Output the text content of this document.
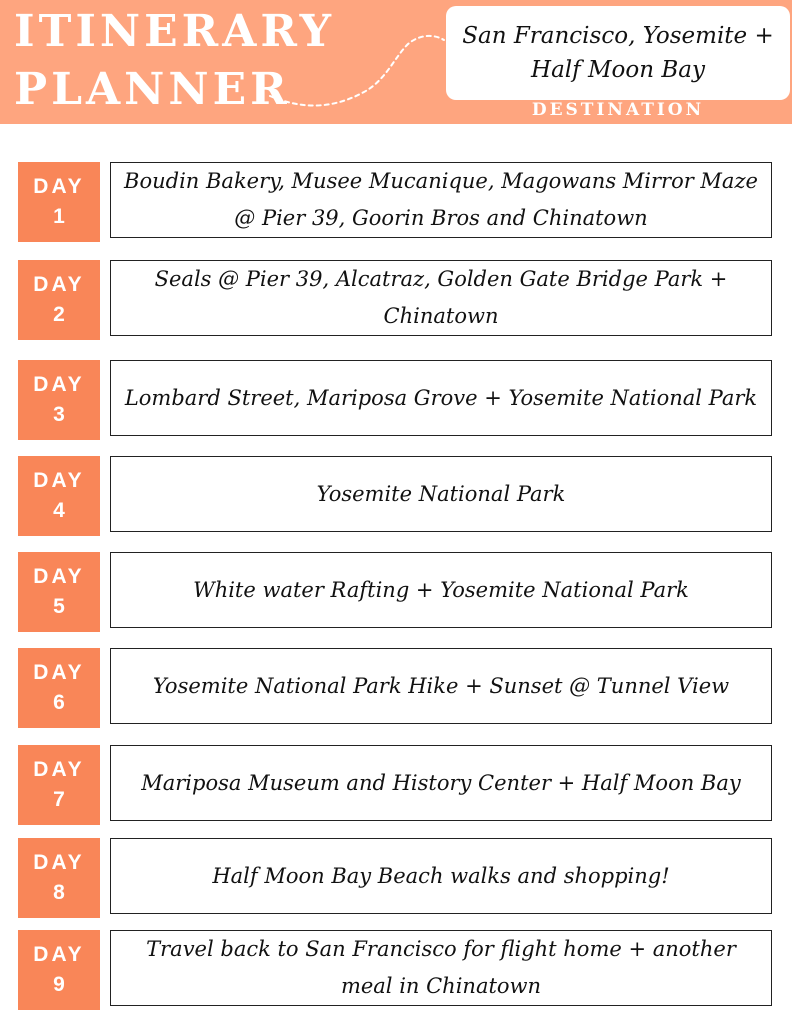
ITINERARY
PLANNER
San Francisco, Yosemite + Half Moon Bay
DESTINATION
DAY
1
Boudin Bakery, Musee Mucanique, Magowans Mirror Maze @ Pier 39, Goorin Bros and Chinatown
DAY
2
Seals @ Pier 39, Alcatraz, Golden Gate Bridge Park + Chinatown
DAY
3
Lombard Street, Mariposa Grove + Yosemite National Park
DAY
4
Yosemite National Park
DAY
5
White water Rafting + Yosemite National Park
DAY
6
Yosemite National Park Hike + Sunset @ Tunnel View
DAY
7
Mariposa Museum and History Center + Half Moon Bay
DAY
8
Half Moon Bay Beach walks and shopping!
DAY
9
Travel back to San Francisco for flight home + another meal in Chinatown
